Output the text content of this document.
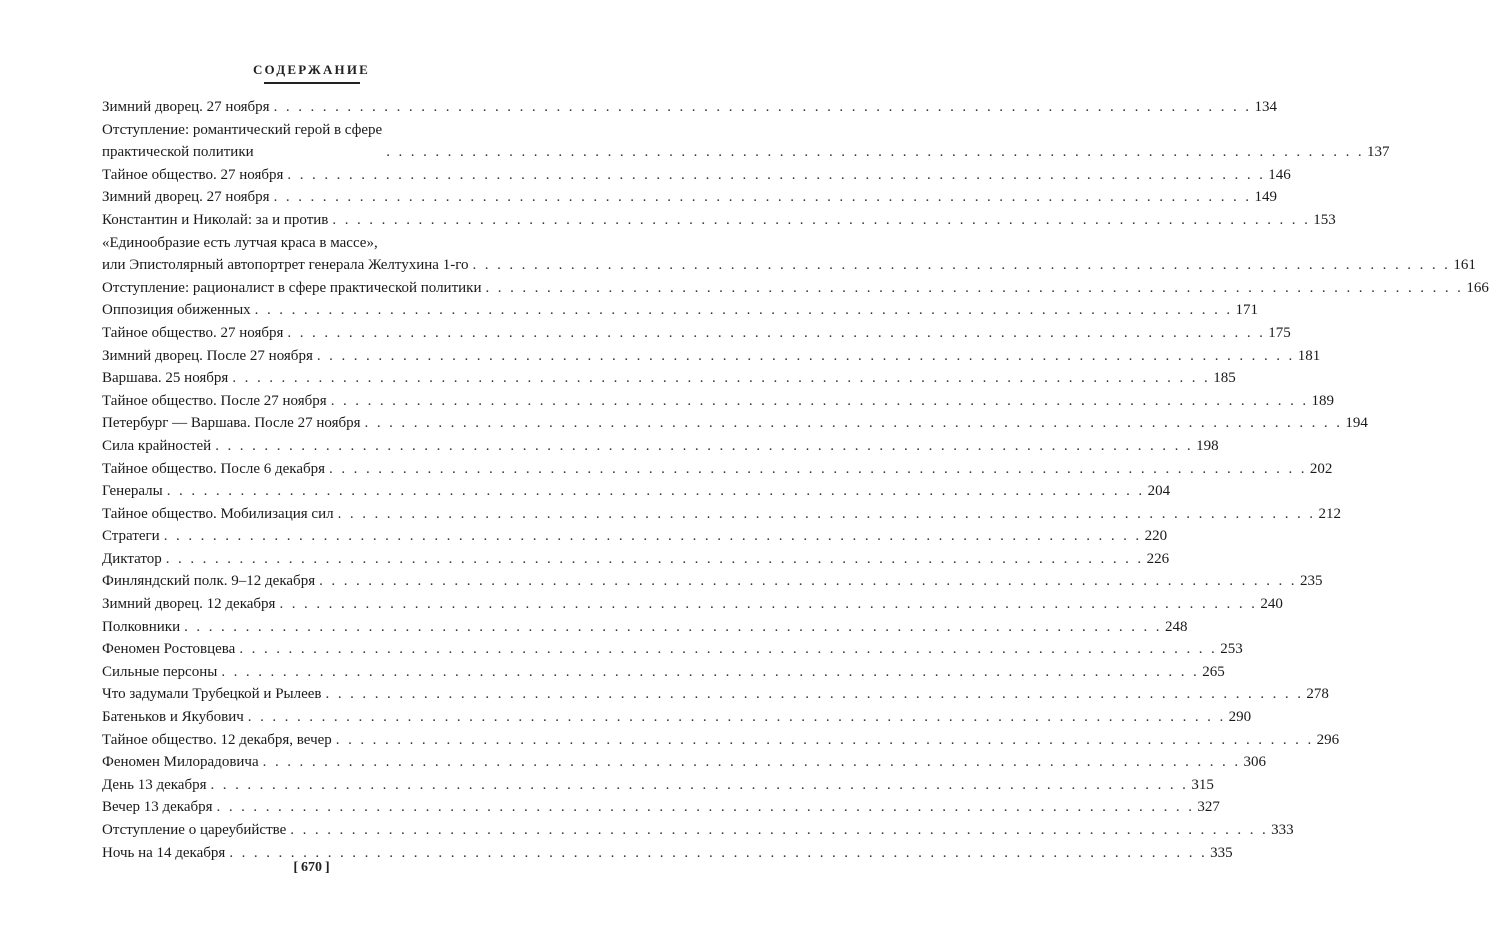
СОДЕРЖАНИЕ
Зимний дворец. 27 ноября . . . . . . . . . . . . . . . . . . . . . . . . . . . . . . . . . . . . . . . . . . . . . . . . . . . . . . . . . . . . . . . . . . . . . . . . . . . . . . . . 134
Отступление: романтический герой в сфере
практической политики	. . . . . . . . . . . . . . . . . . . . . . . . . . . . . . . . . . . . . . . . . . . . . . . . . . . . . . . . . . . . . . . . . . . . . . . . . . . . . . . . 137
Тайное общество. 27 ноября . . . . . . . . . . . . . . . . . . . . . . . . . . . . . . . . . . . . . . . . . . . . . . . . . . . . . . . . . . . . . . . . . . . . . . . . . . . . . . . . 146
Зимний дворец. 27 ноября . . . . . . . . . . . . . . . . . . . . . . . . . . . . . . . . . . . . . . . . . . . . . . . . . . . . . . . . . . . . . . . . . . . . . . . . . . . . . . . . 149
Константин и Николай: за и против . . . . . . . . . . . . . . . . . . . . . . . . . . . . . . . . . . . . . . . . . . . . . . . . . . . . . . . . . . . . . . . . . . . . . . . . . . . . . . . . 153
«Единообразие есть лутчая краса в массе»,
или Эпистолярный автопортрет генерала Желтухина 1-го . . . . . . . . . . . . . . . . . . . . . . . . . . . . . . . . . . . . . . . . . . . . . . . . . . . . . . . . . . . . . . . . . . . . . . . . . . . . . . . . 161
Отступление: рационалист в сфере практической политики . . . . . . . . . . . . . . . . . . . . . . . . . . . . . . . . . . . . . . . . . . . . . . . . . . . . . . . . . . . . . . . . . . . . . . . . . . . . . . . . 166
Оппозиция обиженных . . . . . . . . . . . . . . . . . . . . . . . . . . . . . . . . . . . . . . . . . . . . . . . . . . . . . . . . . . . . . . . . . . . . . . . . . . . . . . . . 171
Тайное общество. 27 ноября . . . . . . . . . . . . . . . . . . . . . . . . . . . . . . . . . . . . . . . . . . . . . . . . . . . . . . . . . . . . . . . . . . . . . . . . . . . . . . . . 175
Зимний дворец. После 27 ноября . . . . . . . . . . . . . . . . . . . . . . . . . . . . . . . . . . . . . . . . . . . . . . . . . . . . . . . . . . . . . . . . . . . . . . . . . . . . . . . . 181
Варшава. 25 ноября . . . . . . . . . . . . . . . . . . . . . . . . . . . . . . . . . . . . . . . . . . . . . . . . . . . . . . . . . . . . . . . . . . . . . . . . . . . . . . . . 185
Тайное общество. После 27 ноября . . . . . . . . . . . . . . . . . . . . . . . . . . . . . . . . . . . . . . . . . . . . . . . . . . . . . . . . . . . . . . . . . . . . . . . . . . . . . . . . 189
Петербург — Варшава. После 27 ноября . . . . . . . . . . . . . . . . . . . . . . . . . . . . . . . . . . . . . . . . . . . . . . . . . . . . . . . . . . . . . . . . . . . . . . . . . . . . . . . . 194
Сила крайностей . . . . . . . . . . . . . . . . . . . . . . . . . . . . . . . . . . . . . . . . . . . . . . . . . . . . . . . . . . . . . . . . . . . . . . . . . . . . . . . . 198
Тайное общество. После 6 декабря . . . . . . . . . . . . . . . . . . . . . . . . . . . . . . . . . . . . . . . . . . . . . . . . . . . . . . . . . . . . . . . . . . . . . . . . . . . . . . . . 202
Генералы . . . . . . . . . . . . . . . . . . . . . . . . . . . . . . . . . . . . . . . . . . . . . . . . . . . . . . . . . . . . . . . . . . . . . . . . . . . . . . . . 204
Тайное общество. Мобилизация сил . . . . . . . . . . . . . . . . . . . . . . . . . . . . . . . . . . . . . . . . . . . . . . . . . . . . . . . . . . . . . . . . . . . . . . . . . . . . . . . . 212
Стратеги . . . . . . . . . . . . . . . . . . . . . . . . . . . . . . . . . . . . . . . . . . . . . . . . . . . . . . . . . . . . . . . . . . . . . . . . . . . . . . . . 220
Диктатор . . . . . . . . . . . . . . . . . . . . . . . . . . . . . . . . . . . . . . . . . . . . . . . . . . . . . . . . . . . . . . . . . . . . . . . . . . . . . . . . 226
Финляндский полк. 9–12 декабря . . . . . . . . . . . . . . . . . . . . . . . . . . . . . . . . . . . . . . . . . . . . . . . . . . . . . . . . . . . . . . . . . . . . . . . . . . . . . . . . 235
Зимний дворец. 12 декабря . . . . . . . . . . . . . . . . . . . . . . . . . . . . . . . . . . . . . . . . . . . . . . . . . . . . . . . . . . . . . . . . . . . . . . . . . . . . . . . . 240
Полковники . . . . . . . . . . . . . . . . . . . . . . . . . . . . . . . . . . . . . . . . . . . . . . . . . . . . . . . . . . . . . . . . . . . . . . . . . . . . . . . . 248
Феномен Ростовцева . . . . . . . . . . . . . . . . . . . . . . . . . . . . . . . . . . . . . . . . . . . . . . . . . . . . . . . . . . . . . . . . . . . . . . . . . . . . . . . . 253
Сильные персоны . . . . . . . . . . . . . . . . . . . . . . . . . . . . . . . . . . . . . . . . . . . . . . . . . . . . . . . . . . . . . . . . . . . . . . . . . . . . . . . . 265
Что задумали Трубецкой и Рылеев . . . . . . . . . . . . . . . . . . . . . . . . . . . . . . . . . . . . . . . . . . . . . . . . . . . . . . . . . . . . . . . . . . . . . . . . . . . . . . . . 278
Батеньков и Якубович . . . . . . . . . . . . . . . . . . . . . . . . . . . . . . . . . . . . . . . . . . . . . . . . . . . . . . . . . . . . . . . . . . . . . . . . . . . . . . . . 290
Тайное общество. 12 декабря, вечер . . . . . . . . . . . . . . . . . . . . . . . . . . . . . . . . . . . . . . . . . . . . . . . . . . . . . . . . . . . . . . . . . . . . . . . . . . . . . . . . 296
Феномен Милорадовича . . . . . . . . . . . . . . . . . . . . . . . . . . . . . . . . . . . . . . . . . . . . . . . . . . . . . . . . . . . . . . . . . . . . . . . . . . . . . . . . 306
День 13 декабря . . . . . . . . . . . . . . . . . . . . . . . . . . . . . . . . . . . . . . . . . . . . . . . . . . . . . . . . . . . . . . . . . . . . . . . . . . . . . . . . 315
Вечер 13 декабря . . . . . . . . . . . . . . . . . . . . . . . . . . . . . . . . . . . . . . . . . . . . . . . . . . . . . . . . . . . . . . . . . . . . . . . . . . . . . . . . 327
Отступление о цареубийстве . . . . . . . . . . . . . . . . . . . . . . . . . . . . . . . . . . . . . . . . . . . . . . . . . . . . . . . . . . . . . . . . . . . . . . . . . . . . . . . . 333
Ночь на 14 декабря . . . . . . . . . . . . . . . . . . . . . . . . . . . . . . . . . . . . . . . . . . . . . . . . . . . . . . . . . . . . . . . . . . . . . . . . . . . . . . . . 335
[ 670 ]
